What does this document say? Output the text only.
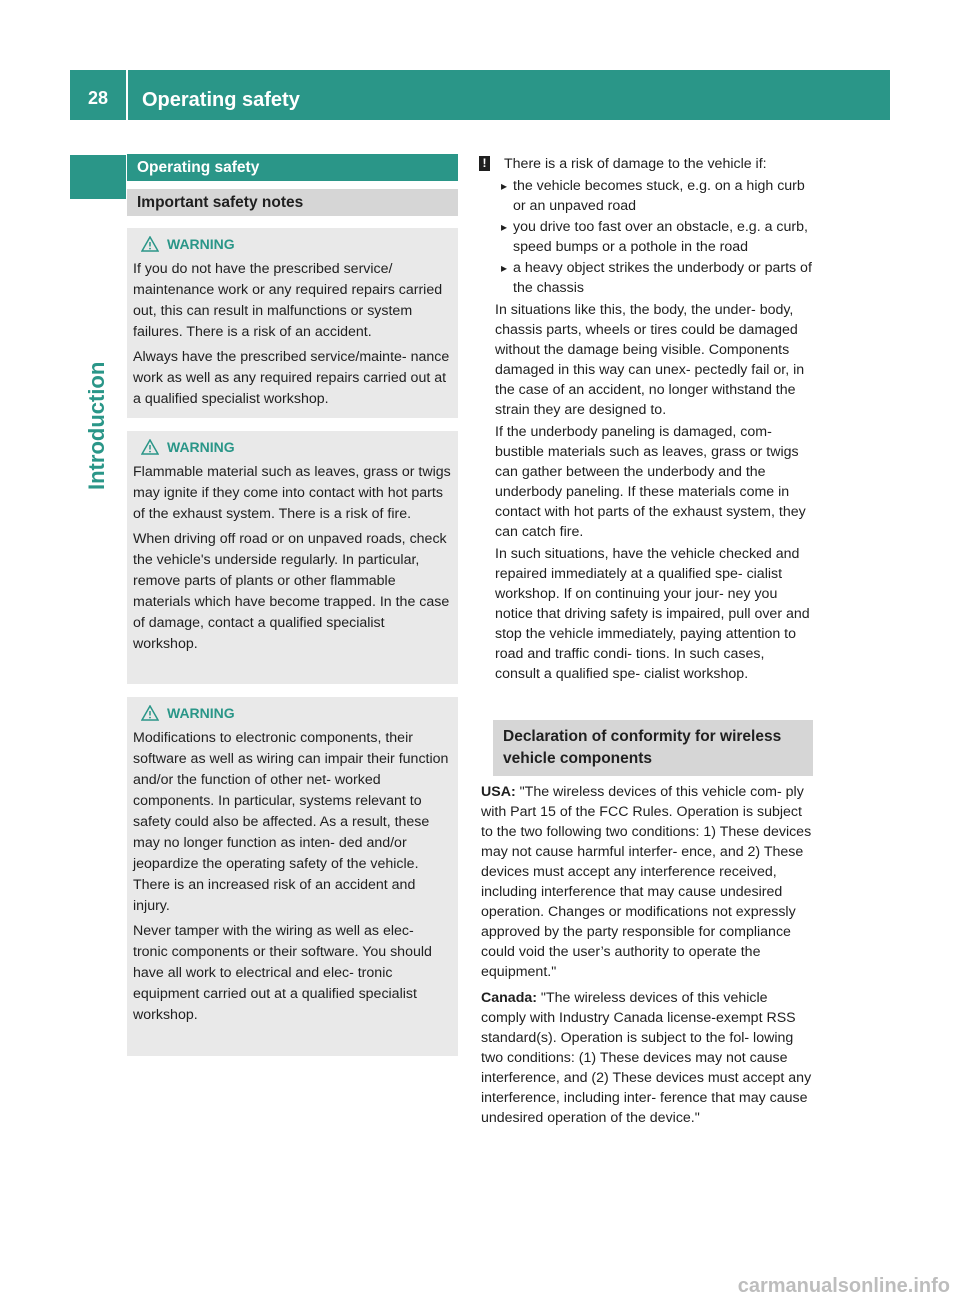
28	Operating safety
Introduction
Operating safety
Important safety notes
WARNING

If you do not have the prescribed service/ maintenance work or any required repairs carried out, this can result in malfunctions or system failures. There is a risk of an accident.

Always have the prescribed service/mainte- nance work as well as any required repairs carried out at a qualified specialist workshop.

WARNING

Flammable material such as leaves, grass or twigs may ignite if they come into contact with hot parts of the exhaust system. There is a risk of fire.

When driving off road or on unpaved roads, check the vehicle's underside regularly. In particular, remove parts of plants or other flammable materials which have become trapped. In the case of damage, contact a qualified specialist workshop.

WARNING

Modifications to electronic components, their software as well as wiring can impair their function and/or the function of other net- worked components. In particular, systems relevant to safety could also be affected. As a result, these may no longer function as inten- ded and/or jeopardize the operating safety of the vehicle. There is an increased risk of an accident and injury.

Never tamper with the wiring as well as elec- tronic components or their software. You should have all work to electrical and elec- tronic equipment carried out at a qualified specialist workshop.

! There is a risk of damage to the vehicle if:
▸ the vehicle becomes stuck, e.g. on a high curb or an unpaved road
▸ you drive too fast over an obstacle, e.g. a curb, speed bumps or a pothole in the road
▸ a heavy object strikes the underbody or parts of the chassis

In situations like this, the body, the under- body, chassis parts, wheels or tires could be damaged without the damage being visible. Components damaged in this way can unex- pectedly fail or, in the case of an accident, no longer withstand the strain they are designed to.

If the underbody paneling is damaged, com- bustible materials such as leaves, grass or twigs can gather between the underbody and the underbody paneling. If these materials come in contact with hot parts of the exhaust system, they can catch fire.

In such situations, have the vehicle checked and repaired immediately at a qualified spe- cialist workshop. If on continuing your jour- ney you notice that driving safety is impaired, pull over and stop the vehicle immediately, paying attention to road and traffic condi- tions. In such cases, consult a qualified spe- cialist workshop.

Declaration of conformity for wireless vehicle components

USA: "The wireless devices of this vehicle com- ply with Part 15 of the FCC Rules. Operation is subject to the two following two conditions: 1) These devices may not cause harmful interfer- ence, and 2) These devices must accept any interference received, including interference that may cause undesired operation. Changes or modifications not expressly approved by the party responsible for compliance could void the user’s authority to operate the equipment."

Canada: "The wireless devices of this vehicle comply with Industry Canada license-exempt RSS standard(s). Operation is subject to the fol- lowing two conditions: (1) These devices may not cause interference, and (2) These devices must accept any interference, including inter- ference that may cause undesired operation of the device."

carmanualsonline.info
